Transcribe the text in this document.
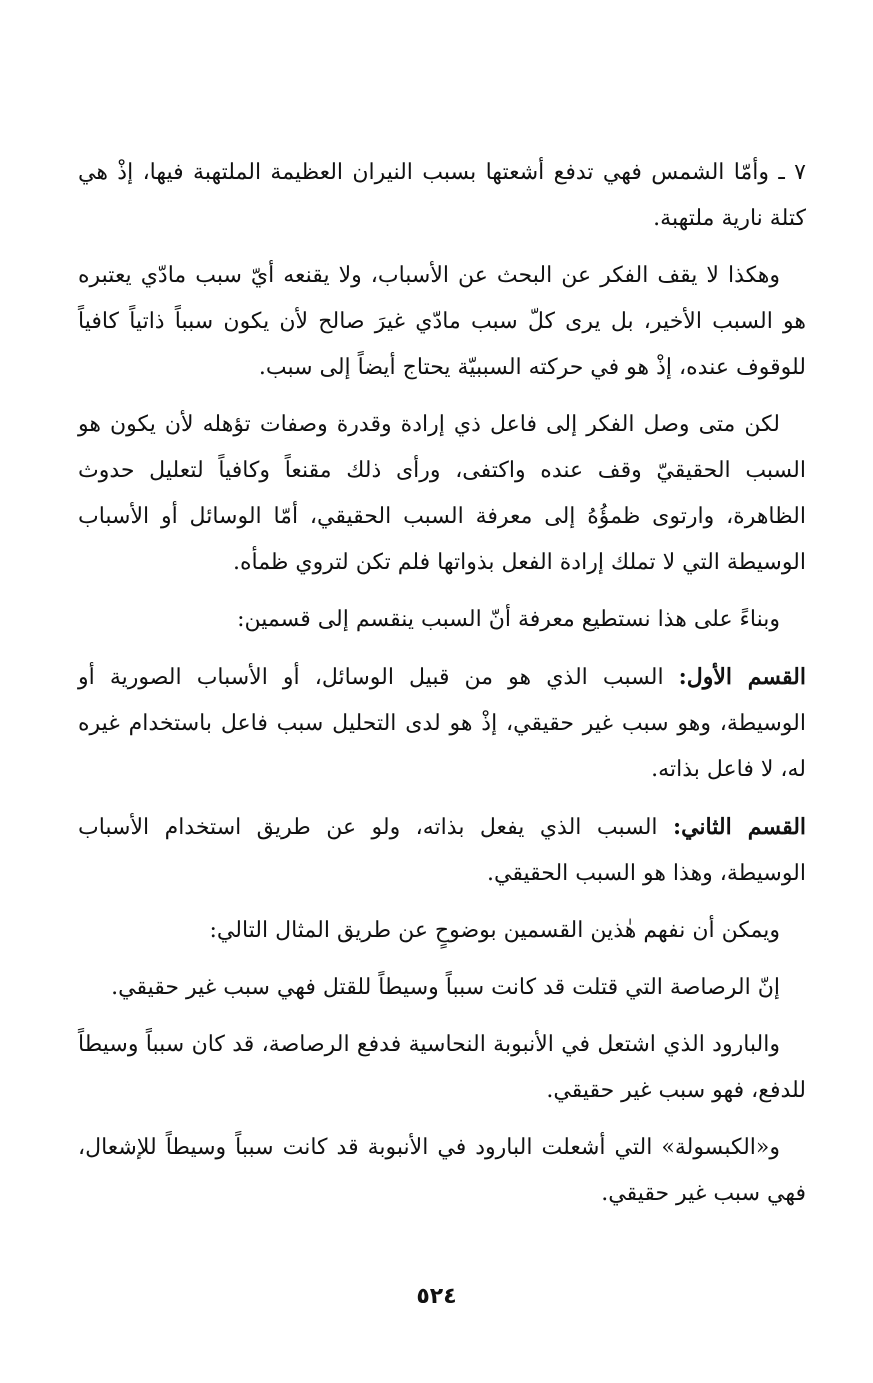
٧ ـ وأمّا الشمس فهي تدفع أشعتها بسبب النيران العظيمة الملتهبة فيها، إذْ هي كتلة نارية ملتهبة.

وهكذا لا يقف الفكر عن البحث عن الأسباب، ولا يقنعه أيّ سبب مادّي يعتبره هو السبب الأخير، بل يرى كلّ سبب مادّي غيرَ صالح لأن يكون سبباً ذاتياً كافياً للوقوف عنده، إذْ هو في حركته السببيّة يحتاج أيضاً إلى سبب.

لكن متى وصل الفكر إلى فاعل ذي إرادة وقدرة وصفات تؤهله لأن يكون هو السبب الحقيقيّ وقف عنده واكتفى، ورأى ذلك مقنعاً وكافياً لتعليل حدوث الظاهرة، وارتوى ظمؤُهُ إلى معرفة السبب الحقيقي، أمّا الوسائل أو الأسباب الوسيطة التي لا تملك إرادة الفعل بذواتها فلم تكن لتروي ظمأه.

وبناءً على هذا نستطيع معرفة أنّ السبب ينقسم إلى قسمين:

القسم الأول: السبب الذي هو من قبيل الوسائل، أو الأسباب الصورية أو الوسيطة، وهو سبب غير حقيقي، إذْ هو لدى التحليل سبب فاعل باستخدام غيره له، لا فاعل بذاته.

القسم الثاني: السبب الذي يفعل بذاته، ولو عن طريق استخدام الأسباب الوسيطة، وهذا هو السبب الحقيقي.

ويمكن أن نفهم هٰذين القسمين بوضوحٍ عن طريق المثال التالي:

إنّ الرصاصة التي قتلت قد كانت سبباً وسيطاً للقتل فهي سبب غير حقيقي.

والبارود الذي اشتعل في الأنبوبة النحاسية فدفع الرصاصة، قد كان سبباً وسيطاً للدفع، فهو سبب غير حقيقي.

و«الكبسولة» التي أشعلت البارود في الأنبوبة قد كانت سبباً وسيطاً للإشعال، فهي سبب غير حقيقي.

٥٢٤
